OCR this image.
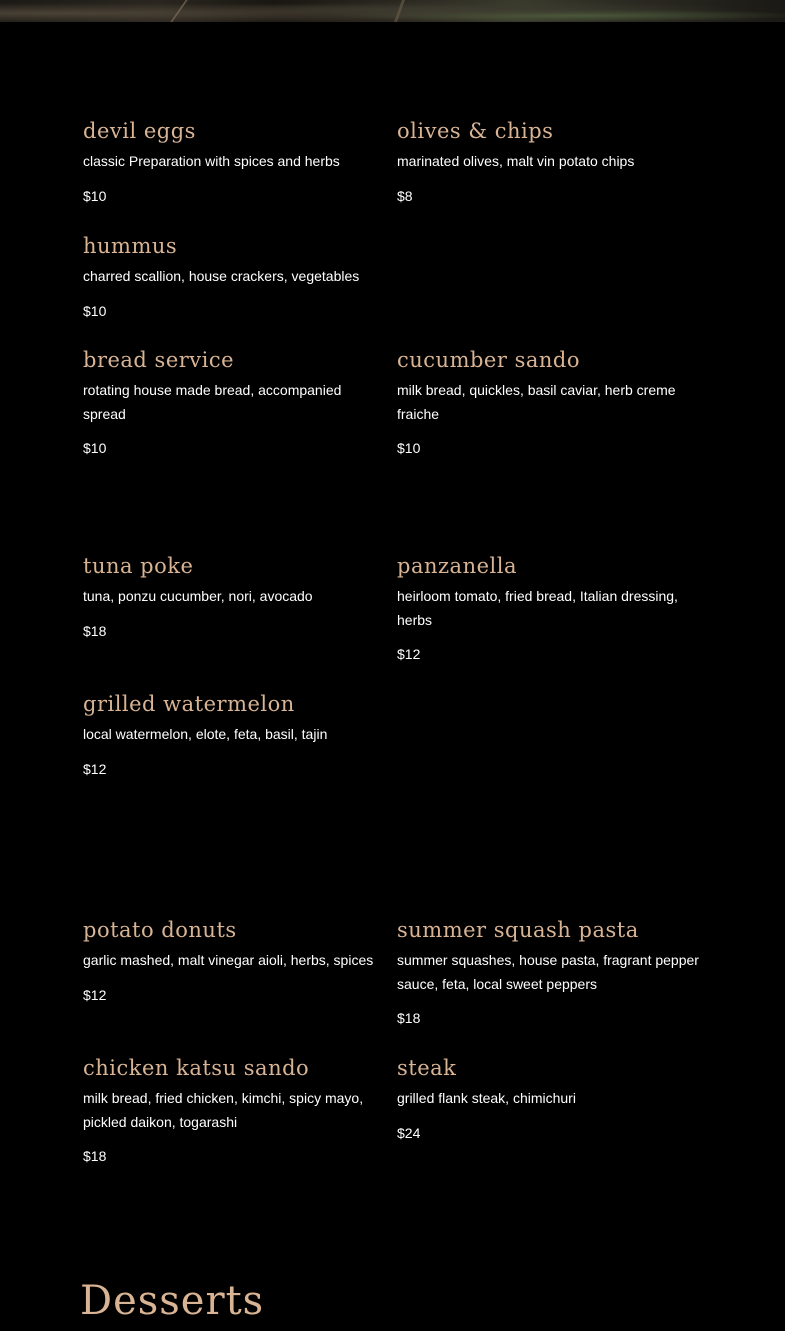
devil eggs
classic Preparation with spices and herbs
$10
olives & chips
marinated olives, malt vin potato chips
$8
hummus
charred scallion, house crackers, vegetables
$10
bread service
rotating house made bread, accompanied spread
$10
cucumber sando
milk bread, quickles, basil caviar, herb creme fraiche
$10
tuna poke
tuna, ponzu cucumber, nori, avocado
$18
panzanella
heirloom tomato, fried bread, Italian dressing, herbs
$12
grilled watermelon
local watermelon, elote, feta, basil, tajin
$12
potato donuts
garlic mashed, malt vinegar aioli, herbs, spices
$12
summer squash pasta
summer squashes, house pasta, fragrant pepper sauce, feta, local sweet peppers
$18
chicken katsu sando
milk bread, fried chicken, kimchi, spicy mayo, pickled daikon, togarashi
$18
steak
grilled flank steak, chimichuri
$24
Desserts
